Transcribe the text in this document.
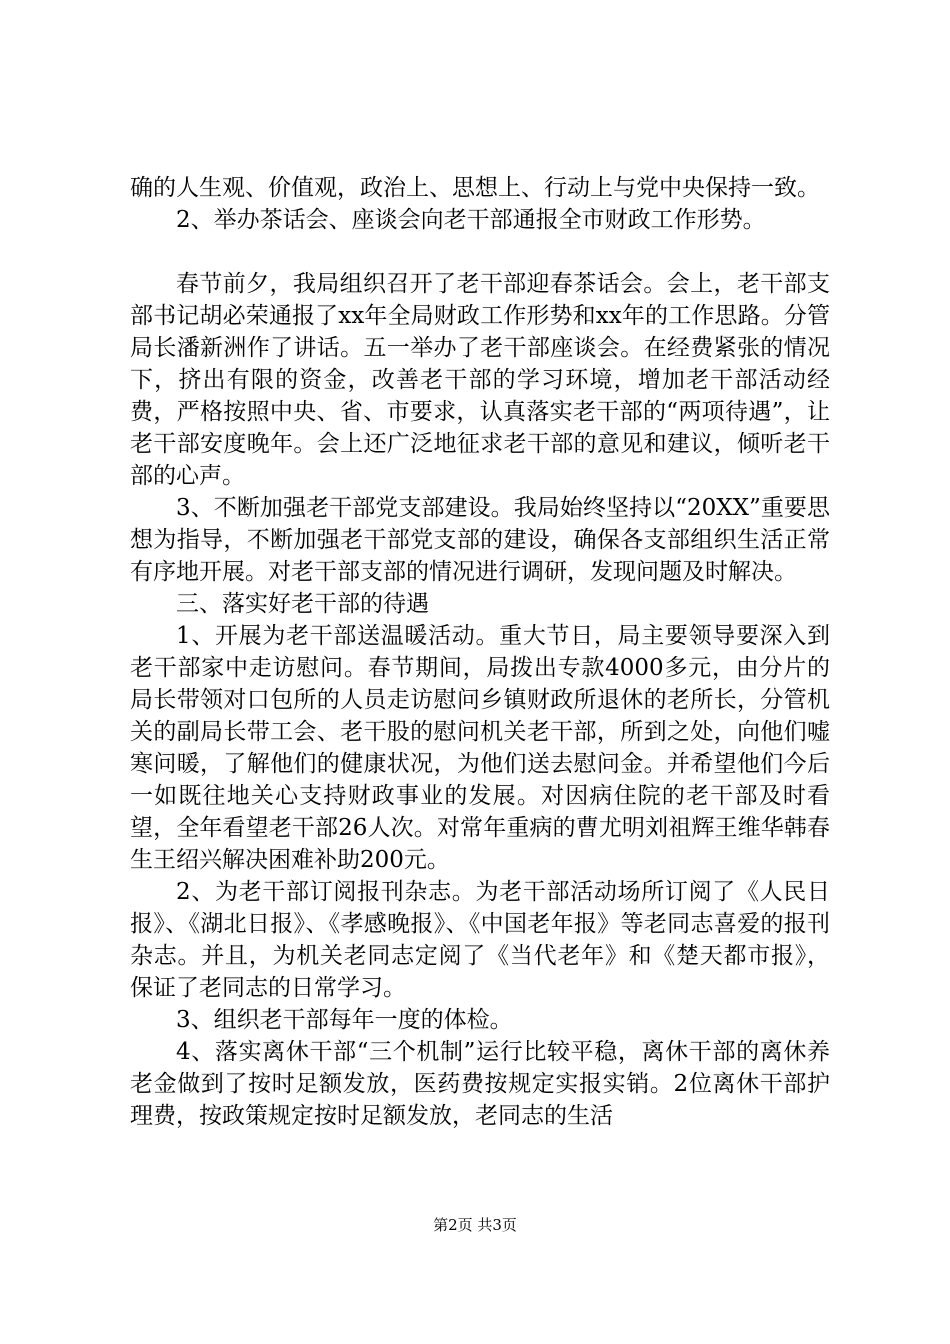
确的人生观、价值观，政治上、思想上、行动上与党中央保持一致。

2、举办茶话会、座谈会向老干部通报全市财政工作形势。

春节前夕，我局组织召开了老干部迎春茶话会。会上，老干部支部书记胡必荣通报了xx年全局财政工作形势和xx年的工作思路。分管局长潘新洲作了讲话。五一举办了老干部座谈会。在经费紧张的情况下，挤出有限的资金，改善老干部的学习环境，增加老干部活动经费，严格按照中央、省、市要求，认真落实老干部的“两项待遇”，让老干部安度晚年。会上还广泛地征求老干部的意见和建议，倾听老干部的心声。

3、不断加强老干部党支部建设。我局始终坚持以“20XX”重要思想为指导，不断加强老干部党支部的建设，确保各支部组织生活正常有序地开展。对老干部支部的情况进行调研，发现问题及时解决。

三、落实好老干部的待遇

1、开展为老干部送温暖活动。重大节日，局主要领导要深入到老干部家中走访慰问。春节期间，局拨出专款4000多元，由分片的局长带领对口包所的人员走访慰问乡镇财政所退休的老所长，分管机关的副局长带工会、老干股的慰问机关老干部，所到之处，向他们嘘寒问暖，了解他们的健康状况，为他们送去慰问金。并希望他们今后一如既往地关心支持财政事业的发展。对因病住院的老干部及时看望，全年看望老干部26人次。对常年重病的曹尤明刘祖辉王维华韩春生王绍兴解决困难补助200元。

2、为老干部订阅报刊杂志。为老干部活动场所订阅了《人民日报》、《湖北日报》、《孝感晚报》、《中国老年报》等老同志喜爱的报刊杂志。并且，为机关老同志定阅了《当代老年》和《楚天都市报》，保证了老同志的日常学习。

3、组织老干部每年一度的体检。

4、落实离休干部“三个机制”运行比较平稳，离休干部的离休养老金做到了按时足额发放，医药费按规定实报实销。2位离休干部护理费，按政策规定按时足额发放，老同志的生活

第2页 共3页
